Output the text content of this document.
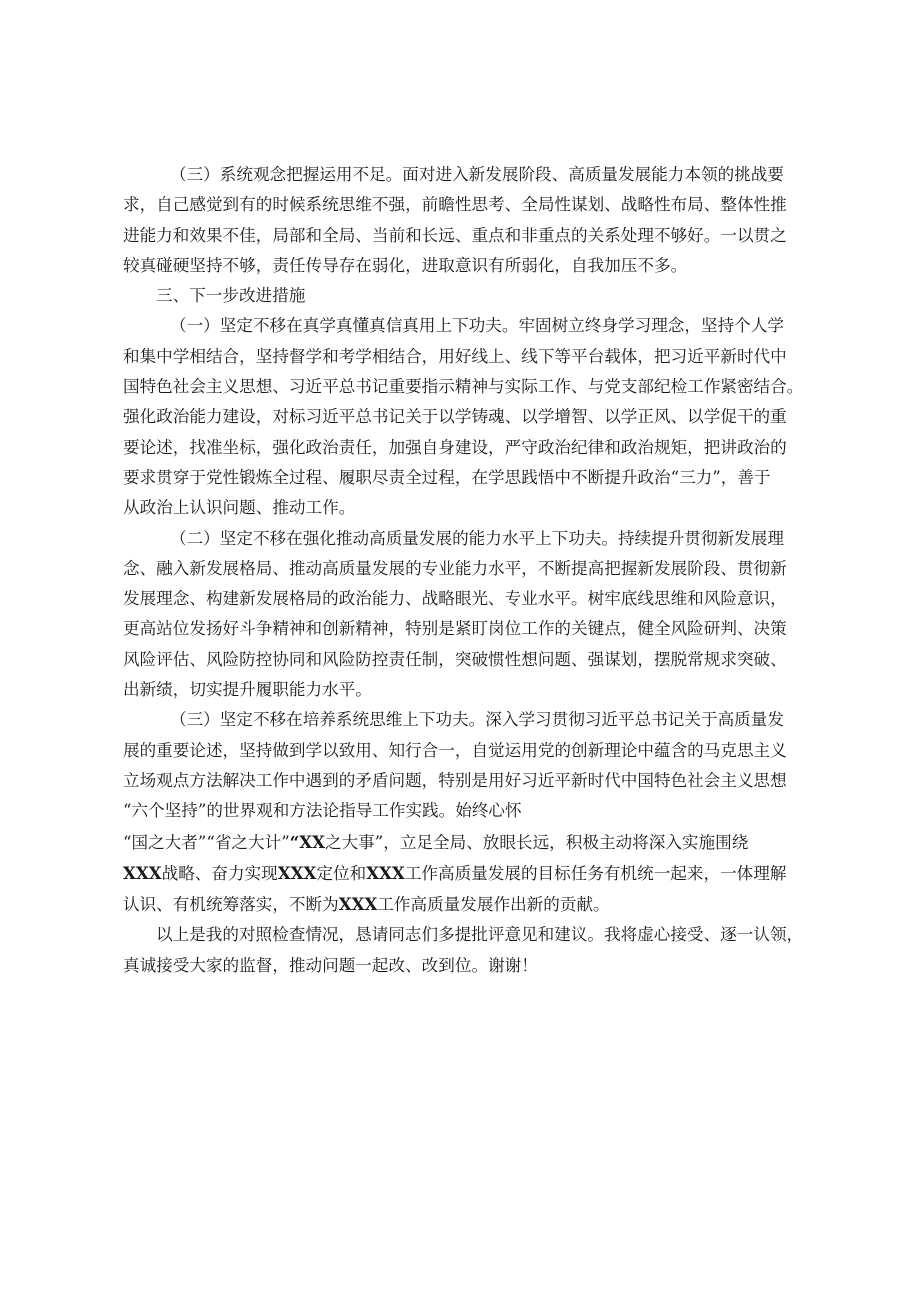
（三）系统观念把握运用不足。面对进入新发展阶段、高质量发展能力本领的挑战要
求，自己感觉到有的时候系统思维不强，前瞻性思考、全局性谋划、战略性布局、整体性推
进能力和效果不佳，局部和全局、当前和长远、重点和非重点的关系处理不够好。一以贯之
较真碰硬坚持不够，责任传导存在弱化，进取意识有所弱化，自我加压不多。

三、下一步改进措施

（一）坚定不移在真学真懂真信真用上下功夫。牢固树立终身学习理念，坚持个人学
和集中学相结合，坚持督学和考学相结合，用好线上、线下等平台载体，把习近平新时代中
国特色社会主义思想、习近平总书记重要指示精神与实际工作、与党支部纪检工作紧密结合。
强化政治能力建设，对标习近平总书记关于以学铸魂、以学增智、以学正风、以学促干的重
要论述，找准坐标，强化政治责任，加强自身建设，严守政治纪律和政治规矩，把讲政治的
要求贯穿于党性锻炼全过程、履职尽责全过程，在学思践悟中不断提升政治“三力”，善于
从政治上认识问题、推动工作。

（二）坚定不移在强化推动高质量发展的能力水平上下功夫。持续提升贯彻新发展理
念、融入新发展格局、推动高质量发展的专业能力水平，不断提高把握新发展阶段、贯彻新
发展理念、构建新发展格局的政治能力、战略眼光、专业水平。树牢底线思维和风险意识，
更高站位发扬好斗争精神和创新精神，特别是紧盯岗位工作的关键点，健全风险研判、决策
风险评估、风险防控协同和风险防控责任制，突破惯性想问题、强谋划，摆脱常规求突破、
出新绩，切实提升履职能力水平。

（三）坚定不移在培养系统思维上下功夫。深入学习贯彻习近平总书记关于高质量发
展的重要论述，坚持做到学以致用、知行合一，自觉运用党的创新理论中蕴含的马克思主义
立场观点方法解决工作中遇到的矛盾问题，特别是用好习近平新时代中国特色社会主义思想
“六个坚持”的世界观和方法论指导工作实践。始终心怀
“国之大者”“省之大计”“XX之大事”，立足全局、放眼长远，积极主动将深入实施围绕
XXX战略、奋力实现XXX定位和XXX工作高质量发展的目标任务有机统一起来，一体理解
认识、有机统筹落实，不断为XXX工作高质量发展作出新的贡献。

以上是我的对照检查情况，恳请同志们多提批评意见和建议。我将虚心接受、逐一认领，
真诚接受大家的监督，推动问题一起改、改到位。谢谢！
